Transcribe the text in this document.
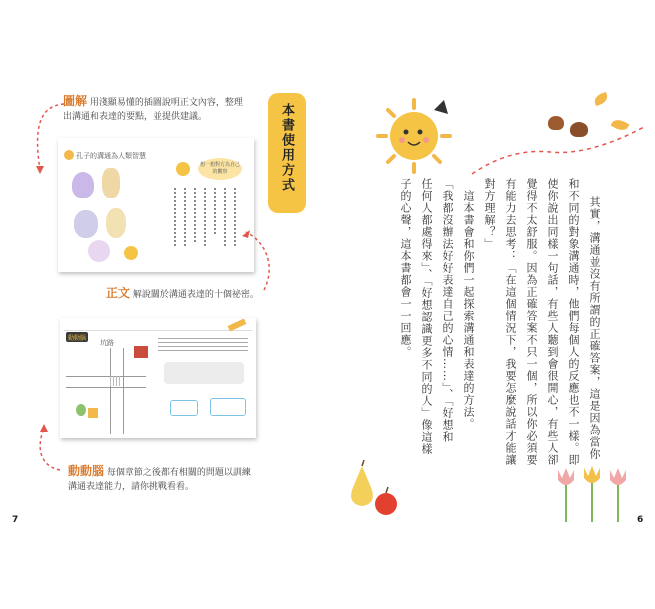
圖解 用淺顯易懂的插圖說明正文內容，整理
出溝通和表達的要點，並提供建議。	本書使用方式
孔子的溝通為人類智慧
想一想對方為自己的觀察
正文 解說關於溝通表達的十個祕密。
動動腦
坑路
動動腦 每個章節之後都有相關的問題以訓練
溝通表達能力，請你挑戰看看。
7
其實，溝通並沒有所謂的正確答案，這是因為當你
和不同的對象溝通時，他們每個人的反應也不一樣。即
使你說出同樣一句話，有些人聽到會很開心，有些人卻
覺得不太舒服。因為正確答案不只一個，所以你必須要
有能力去思考：「在這個情況下，我要怎麼說話才能讓
對方理解？」
　這本書會和你們一起探索溝通和表達的方法。
「我都沒辦法好好表達自己的心情……」、「好想和
任何人都處得來」、「好想認識更多不同的人」像這樣
子的心聲，這本書都會一一回應。
6
